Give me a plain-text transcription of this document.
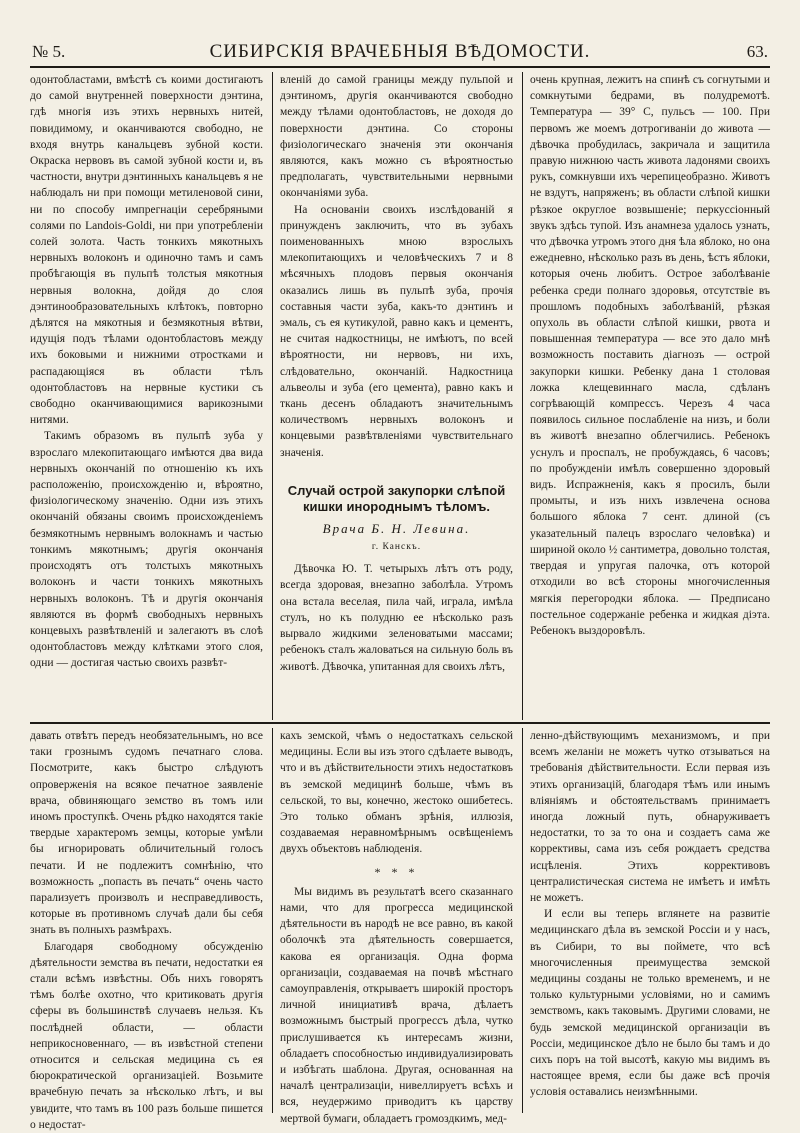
№ 5.	СИБИРСКІЯ ВРАЧЕБНЫЯ ВѢДОМОСТИ.	63.

одонтобластами, вмѣстѣ съ коими достигаютъ до самой внутренней поверхности дэнтина, гдѣ многія изъ этихъ нервныхъ нитей, повидимому, и оканчиваются свободно, не входя внутрь канальцевъ зубной кости. Окраска нервовъ въ самой зубной кости и, въ частности, внутри дэнтинныхъ канальцевъ я не наблюдалъ ни при помощи метиленовой сини, ни по способу импрегнаціи серебряными солями по Landois-Goldi, ни при употребленіи солей золота. Часть тонкихъ мякотныхъ нервныхъ волоконъ и одиночно тамъ и самъ пробѣгающія въ пульпѣ толстыя мякотныя нервныя волокна, дойдя до слоя дэнтинообразовательныхъ клѣтокъ, повторно дѣлятся на мякотныя и безмякотныя вѣтви, идущія подъ тѣлами одонтобластовъ между ихъ боковыми и нижними отростками и распадающіяся въ области тѣлъ одонтобластовъ на нервные кустики съ свободно оканчивающимися варикозными нитями.

Такимъ образомъ въ пульпѣ зуба у взрослаго млекопитающаго имѣются два вида нервныхъ окончаній по отношенію къ ихъ расположенію, происхожденію и, вѣроятно, физіологическому значенію. Одни изъ этихъ окончаній обязаны своимъ происхожденіемъ безмякотнымъ нервнымъ волокнамъ и частью тонкимъ мякотнымъ; другія окончанія происходятъ отъ толстыхъ мякотныхъ волоконъ и части тонкихъ мякотныхъ нервныхъ волоконъ. Тѣ и другія окончанія являются въ формѣ свободныхъ нервныхъ концевыхъ развѣтвленій и залегаютъ въ слоѣ одонтобластовъ между клѣтками этого слоя, одни — достигая частью своихъ развѣт-

вленій до самой границы между пульпой и дэнтиномъ, другія оканчиваются свободно между тѣлами одонтобластовъ, не доходя до поверхности дэнтина. Со стороны физіологическаго значенія эти окончанія являются, какъ можно съ вѣроятностью предполагать, чувствительными нервными окончаніями зуба.

На основаніи своихъ изслѣдованій я принужденъ заключить, что въ зубахъ поименованныхъ мною взрослыхъ млекопитающихъ и человѣческихъ 7 и 8 мѣсячныхъ плодовъ первыя окончанія оказались лишь въ пульпѣ зуба, прочія составныя части зуба, какъ-то дэнтинъ и эмаль, съ ея кутикулой, равно какъ и цементъ, не считая надкостницы, не имѣютъ, по всей вѣроятности, ни нервовъ, ни ихъ, слѣдовательно, окончаній. Надкостница альвеолы и зуба (его цемента), равно какъ и ткань десенъ обладаютъ значительнымъ количествомъ нервныхъ волоконъ и концевыми развѣтвленіями чувствительнаго значенія.

Случай острой закупорки слѣпой кишки инороднымъ тѣломъ.
Врача Б. Н. Левина.
г. Канскъ.

Дѣвочка Ю. Т. четырыхъ лѣтъ отъ роду, всегда здоровая, внезапно заболѣла. Утромъ она встала веселая, пила чай, играла, имѣла стулъ, но къ полудню ее нѣсколько разъ вырвало жидкими зеленоватыми массами; ребенокъ сталъ жаловаться на сильную боль въ животѣ. Дѣвочка, упитанная для своихъ лѣтъ,

очень крупная, лежитъ на спинѣ съ согнутыми и сомкнутыми бедрами, въ полудремотѣ. Температура — 39° С, пульсъ — 100. При первомъ же моемъ дотрогиваніи до живота — дѣвочка пробудилась, закричала и защитила правую нижнюю часть живота ладонями своихъ рукъ, сомкнувши ихъ черепицеобразно. Животъ не вздутъ, напряженъ; въ области слѣпой кишки рѣзкое округлое возвышеніе; перкуссіонный звукъ здѣсь тупой. Изъ анамнеза удалось узнать, что дѣвочка утромъ этого дня ѣла яблоко, но она ежедневно, нѣсколько разъ въ день, ѣстъ яблоки, которыя очень любитъ. Острое заболѣваніе ребенка среди полнаго здоровья, отсутствіе въ прошломъ подобныхъ заболѣваній, рѣзкая опухоль въ области слѣпой кишки, рвота и повышенная температура — все это дало мнѣ возможность поставить діагнозъ — острой закупорки кишки. Ребенку дана 1 столовая ложка клещевиннаго масла, сдѣланъ согрѣвающій компрессъ. Черезъ 4 часа появилось сильное послабленіе на низъ, и боли въ животѣ внезапно облегчились. Ребенокъ уснулъ и проспалъ, не пробуждаясь, 6 часовъ; по пробужденіи имѣлъ совершенно здоровый видъ. Испражненія, какъ я просилъ, были промыты, и изъ нихъ извлечена основа большого яблока 7 сент. длиной (съ указательный палецъ взрослаго человѣка) и шириной около ½ сантиметра, довольно толстая, твердая и упругая палочка, отъ которой отходили во всѣ стороны многочисленныя мягкія перегородки яблока. — Предписано постельное содержаніе ребенка и жидкая діэта. Ребенокъ выздоровѣлъ.

давать отвѣтъ передъ необязательнымъ, но все таки грознымъ судомъ печатнаго слова. Посмотрите, какъ быстро слѣдуютъ опроверженія на всякое печатное заявленіе врача, обвиняющаго земство въ томъ или иномъ проступкѣ. Очень рѣдко находятся такіе твердые характеромъ земцы, которые умѣли бы игнорировать обличительный голосъ печати. И не подлежитъ сомнѣнію, что возможность „попасть въ печать“ очень часто парализуетъ произволъ и несправедливость, которые въ противномъ случаѣ дали бы себя знать въ полныхъ размѣрахъ.

Благодаря свободному обсужденію дѣятельности земства въ печати, недостатки ея стали всѣмъ извѣстны. Объ нихъ говорятъ тѣмъ болѣе охотно, что критиковать другія сферы въ большинствѣ случаевъ нельзя. Къ послѣдней области, — области неприкосновеннаго, — въ извѣстной степени относится и сельская медицина съ ея бюрократической организаціей. Возьмите врачебную печать за нѣсколько лѣтъ, и вы увидите, что тамъ въ 100 разъ больше пишется о недостат-

кахъ земской, чѣмъ о недостаткахъ сельской медицины. Если вы изъ этого сдѣлаете выводъ, что и въ дѣйствительности этихъ недостатковъ въ земской медицинѣ больше, чѣмъ въ сельской, то вы, конечно, жестоко ошибетесь. Это только обманъ зрѣнія, иллюзія, создаваемая неравномѣрнымъ освѣщеніемъ двухъ объектовъ наблюденія.

* * *

Мы видимъ въ результатѣ всего сказаннаго нами, что для прогресса медицинской дѣятельности въ народѣ не все равно, въ какой оболочкѣ эта дѣятельность совершается, какова ея организація. Одна форма организаціи, создаваемая на почвѣ мѣстнаго самоуправленія, открываетъ широкій просторъ личной инициативѣ врача, дѣлаетъ возможнымъ быстрый прогрессъ дѣла, чутко прислушивается къ интересамъ жизни, обладаетъ способностью индивидуализировать и избѣгать шаблона. Другая, основанная на началѣ централизаціи, нивеллируетъ всѣхъ и вся, неудержимо приводитъ къ царству мертвой бумаги, обладаетъ громоздкимъ, мед-

ленно-дѣйствующимъ механизмомъ, и при всемъ желаніи не можетъ чутко отзываться на требованія дѣйствительности. Если первая изъ этихъ организацій, благодаря тѣмъ или инымъ вліяніямъ и обстоятельствамъ принимаетъ иногда ложный путь, обнаруживаетъ недостатки, то за то она и создаетъ сама же коррективы, сама изъ себя рождаетъ средства исцѣленія. Этихъ коррективовъ централистическая система не имѣетъ и имѣть не можетъ.

И если вы теперь вглянете на развитіе медицинскаго дѣла въ земской Россіи и у насъ, въ Сибири, то вы поймете, что всѣ многочисленныя преимущества земской медицины созданы не только временемъ, и не только культурными условіями, но и самимъ земствомъ, какъ таковымъ. Другими словами, не будь земской медицинской организаціи въ Россіи, медицинское дѣло не было бы тамъ и до сихъ поръ на той высотѣ, какую мы видимъ въ настоящее время, если бы даже всѣ прочія условія оставались неизмѣнными.
